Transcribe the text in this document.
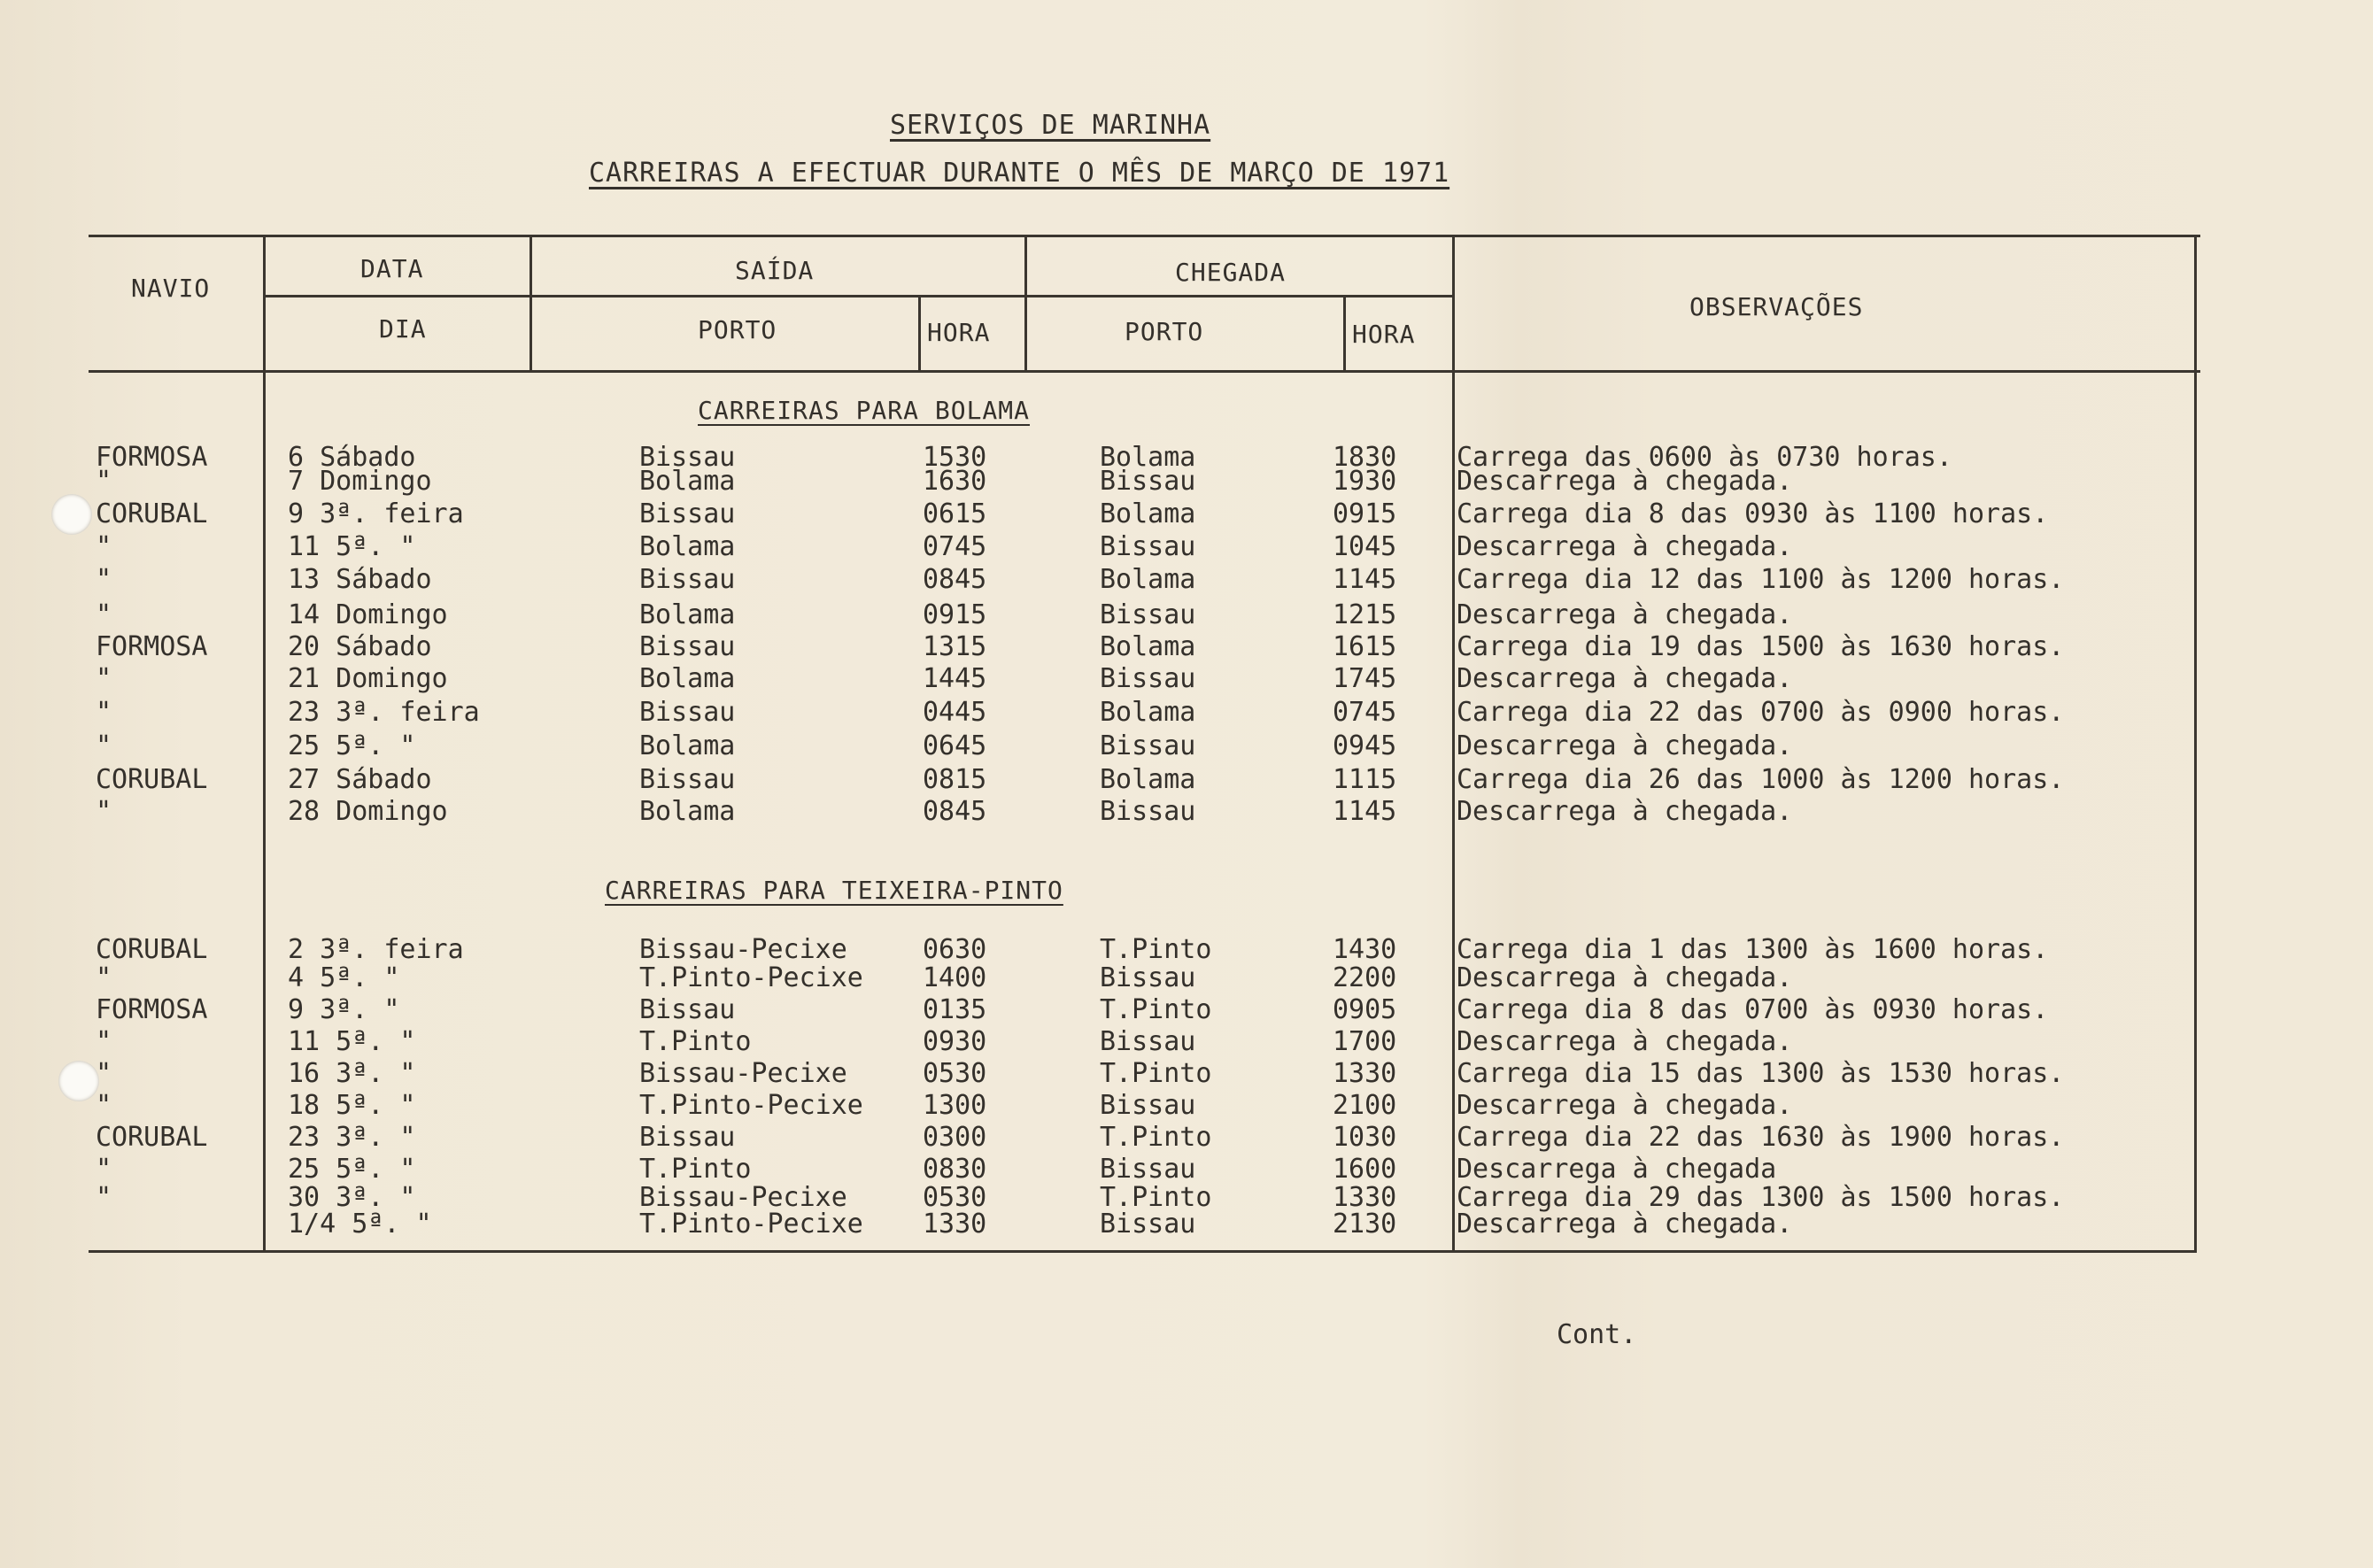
SERVIÇOS DE MARINHA
CARREIRAS A EFECTUAR DURANTE O MÊS DE MARÇO DE 1971
NAVIO
DATA
DIA
SAÍDA
PORTO	HORA
CHEGADA
PORTO	HORA
OBSERVAÇÕES
CARREIRAS PARA BOLAMA
FORMOSA	6 Sábado	Bissau	1530	Bolama	1830 Carrega das 0600 às 0730 horas.
"	7 Domingo	Bolama	1630	Bissau	1930 Descarrega à chegada.
CORUBAL	9 3ª. feira	Bissau	0615	Bolama	0915 Carrega dia 8 das 0930 às 1100 horas.
"	11 5ª. "	Bolama	0745	Bissau	1045 Descarrega à chegada.
"	13 Sábado	Bissau	0845	Bolama	1145 Carrega dia 12 das 1100 às 1200 horas.
"	14 Domingo	Bolama	0915	Bissau	1215 Descarrega à chegada.
FORMOSA	20 Sábado	Bissau	1315	Bolama	1615 Carrega dia 19 das 1500 às 1630 horas.
"	21 Domingo	Bolama	1445	Bissau	1745 Descarrega à chegada.
"	23 3ª. feira	Bissau	0445	Bolama	0745 Carrega dia 22 das 0700 às 0900 horas.
"	25 5ª. "	Bolama	0645	Bissau	0945 Descarrega à chegada.
CORUBAL	27 Sábado	Bissau	0815	Bolama	1115 Carrega dia 26 das 1000 às 1200 horas.
"	28 Domingo	Bolama	0845	Bissau	1145 Descarrega à chegada.
CARREIRAS PARA TEIXEIRA-PINTO
CORUBAL	2 3ª. feira	Bissau-Pecixe	0630	T.Pinto	1430 Carrega dia 1 das 1300 às 1600 horas.
"	4 5ª. "	T.Pinto-Pecixe 1400	Bissau	2200 Descarrega à chegada.
FORMOSA	9 3ª. "	Bissau	0135	T.Pinto	0905 Carrega dia 8 das 0700 às 0930 horas.
"	11 5ª. "	T.Pinto	0930	Bissau	1700 Descarrega à chegada.
"	16 3ª. "	Bissau-Pecixe	0530	T.Pinto	1330 Carrega dia 15 das 1300 às 1530 horas.
"	18 5ª. "	T.Pinto-Pecixe 1300	Bissau	2100 Descarrega à chegada.
CORUBAL	23 3ª. "	Bissau	0300	T.Pinto	1030 Carrega dia 22 das 1630 às 1900 horas.
"	25 5ª. "	T.Pinto	0830	Bissau	1600 Descarrega à chegada
"	30 3ª. "	Bissau-Pecixe	0530	T.Pinto	1330 Carrega dia 29 das 1300 às 1500 horas.
1/4 5ª. "	T.Pinto-Pecixe 1330	Bissau	2130 Descarrega à chegada.
Cont.
